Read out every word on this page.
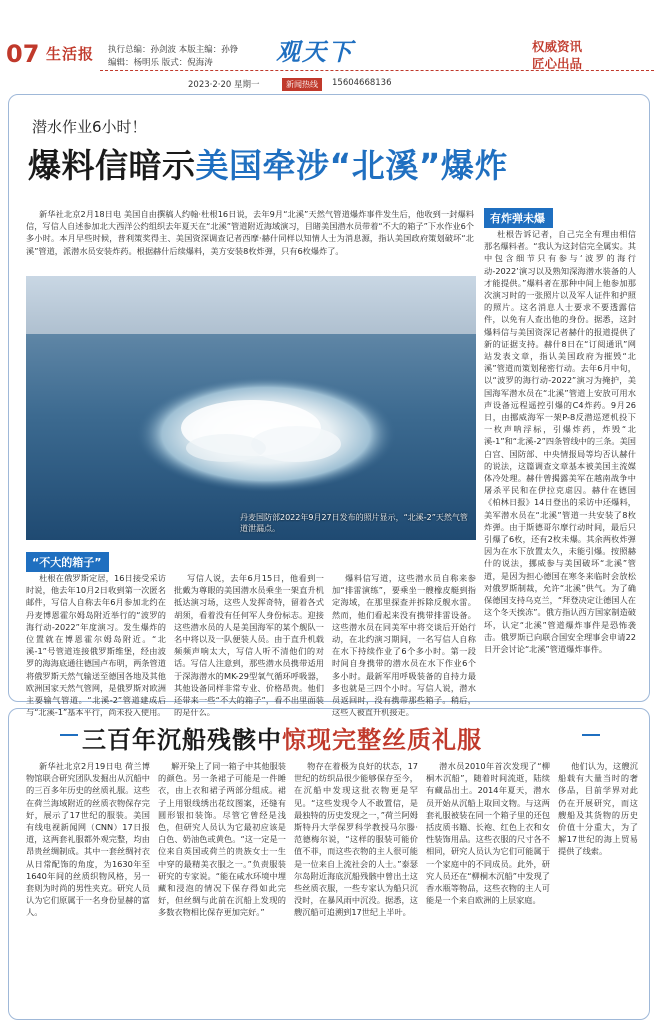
07 生活报 执行总编：孙剑波 本版主编：孙铮
编辑：杨明乐 版式：倪海涛	观天下	权威资讯
匠心出品
2023·2·20 星期一	新闻热线	15604668136
潜水作业6小时！
爆料信暗示美国牵涉“北溪”爆炸

新华社北京2月18日电 美国自由撰稿人约翰·杜根16日说，去年9月“北溪”天然气管道爆炸事件发生后，他收到一封爆料信，写信人自述参加北大西洋公约组织去年夏天在“北溪”管道附近海域演习，目睹美国潜水员带着“不大的箱子”下水作业6个多小时。本月早些时候，普利策奖得主、美国资深调查记者西摩·赫什同样以知情人士为消息源，指认美国政府策划破坏“北溪”管道，派潜水员安装炸药。根据赫什后续爆料，美方安装8枚炸弹，只有6枚爆炸了。

丹麦国防部2022年9月27日发布的照片显示，“北溪-2”天然气管道泄漏点。
有炸弹未爆

杜根告诉记者，自己完全有理由相信那名爆料者。“我认为这封信完全属实。其中包含细节只有参与‘波罗的海行动-2022’演习以及熟知深海潜水装备的人才能提供。”爆料者在那种中间上他参加那次演习时的一张照片以及军人证件和护照的照片。这名消息人士要求不要透露信件，以免有人查出他的身份。据悉，这封爆料信与美国资深记者赫什的报道提供了新的证据支持。赫什8日在“订阅通讯”网站发表文章，指认美国政府为摧毁“北溪”管道而策划秘密行动。去年6月中旬，以“波罗的海行动-2022”演习为掩护，美国海军潜水员在“北溪”管道上安放可用水声设备远程遥控引爆的C4炸药。9月26日，由挪威海军一架P-8反潜巡逻机投下一枚声呐浮标，引爆炸药，炸毁“北溪-1”和“北溪-2”四条管线中的三条。美国白宫、国防部、中央情报局等均否认赫什的说法，这篇调查文章基本被美国主流媒体冷处理。赫什曾揭露美军在越南战争中屠杀平民和在伊拉克虐囚。赫什在德国《柏林日报》14日登出的采访中还爆料，美军潜水员在“北溪”管道一共安装了8枚炸弹。由于斯德哥尔摩行动时间，最后只引爆了6枚，还有2枚未爆。其余两枚炸弹因为在水下放置太久，未能引爆。按照赫什的说法，挪威参与美国破坏“北溪”管道，是因为担心德国在寒冬来临时会放松对俄罗斯制裁，允许“北溪”供气。为了确保德国支持乌克兰，“拜登决定让德国人在这个冬天挨冻”。俄方指认西方国家制造破坏，认定“北溪”管道爆炸事件是恐怖袭击。俄罗斯已向联合国安全理事会申请22日开会讨论“北溪”管道爆炸事件。

“不大的箱子”

杜根在俄罗斯定居，16日接受采访时说，他去年10月2日收到第一次匿名邮件，写信人自称去年6月参加北约在丹麦博恩霍尔姆岛附近举行的“波罗的海行动-2022”年度演习。发生爆炸的位置就在博恩霍尔姆岛附近。“北溪-1”号管道连接俄罗斯维堡，经由波罗的海海底通往德国卢布明，两条管道将俄罗斯天然气输送至德国各地及其他欧洲国家天然气管网，是俄罗斯对欧洲主要输气管道。“北溪-2”管道建成后与“北溪-1”基本平行，尚未投入使用。

写信人说，去年6月15日，他看到一批戴为尊眼的美国潜水员乘坐一架直升机抵达演习场，这些人发挥奇特，留着各式胡须，看着没有任何军人身份标志。迎接这些潜水员的人是美国海军的某个舰队一名中将以及一队便装人员。由于直升机载频频声响太大，写信人听不清他们的对话。写信人注意到，那些潜水员携带适用于深海潜水的MK-29型氧气循环呼吸器，其他设备同样非常专业、价格昂贵。他们还带来一些“不大的箱子”，看不出里面装的是什么。

爆料信写道，这些潜水员自称来参加“排雷演练”，要乘坐一艘橡皮艇到指定海域，在那里探查并拆除反舰水雷。然而，他们看起来没有携带排雷设备。这些潜水员在同美军中将交谈后开始行动，在北约演习期间，一名写信人自称在水下持续作业了6个多小时。第一段时间自身携带的潜水员在水下作业6个多小时。最新军用呼吸装备的自持力最多也就是三四个小时。写信人说，潜水员返回时，没有携带那些箱子。稍后，这些人被直升机接走。

三百年沉船残骸中惊现完整丝质礼服

新华社北京2月19日电 荷兰博物馆联合研究团队发掘出从沉船中的三百多年历史的丝质礼服。这些在荷兰海域附近的丝质衣物保存完好，展示了17世纪的服装。美国有线电视新闻网（CNN）17日报道，这两套礼服都外观完整，均由昂贵丝绸制成。其中一套丝绸衬衣从日常配饰的角度，为1630年至1640年间的丝质织物风格，另一套则为时尚的男性夹克。研究人员认为它们原属于一名身份显赫的富人。

解开染上了同一箱子中其他服装的颜色。另一条裙子可能是一件睡衣，由上衣和裙子两部分组成。裙子上用银线绣出花纹图案，还缝有圆形银扣装饰。尽管它曾经是浅色，但研究人员认为它最初应该是白色、奶油色或黄色。“这一定是一位来自英国或荷兰的贵族女士一生中穿的最精美衣服之一。”负责服装研究的专家说。“能在咸水环境中埋藏和浸泡的情况下保存得如此完好，但丝绸与此前在沉船上发现的多数衣物相比保存更加完好。”

物存在着极为良好的状态，17世纪的纺织品很少能够保存至今，在沉船中发现这批衣物更是罕见。“这些发现令人不敢置信，是最独特的历史发现之一，”荷兰阿姆斯特丹大学保罗科学教授马尔滕·范德梅尔说，“这样的服装可能价值不菲，而这些衣物的主人很可能是一位来自上流社会的人士。”泰瑟尔岛附近海底沉船残骸中曾出土这些丝质衣服，一些专家认为船只沉没时，在暴风雨中沉没。据悉，这艘沉船可追溯到17世纪上半叶。

潜水员2010年首次发现了“柳桐木沉船”，随着时间流逝，陆续有藏品出土。2014年夏天，潜水员开始从沉船上取回文物。与这两套礼服被装在同一个箱子里的还包括皮质书籍、长袍、红色上衣和女性装饰用品。这些衣服的尺寸各不相同，研究人员认为它们可能属于一个家庭中的不同成员。此外，研究人员还在“柳桐木沉船”中发现了香水瓶等物品，这些衣物的主人可能是一个来自欧洲的上层家庭。

他们认为，这艘沉船载有大量当时的奢侈品，目前学界对此仍在开展研究，而这艘船及其货物的历史价值十分重大，为了解17世纪的海上贸易提供了线索。
